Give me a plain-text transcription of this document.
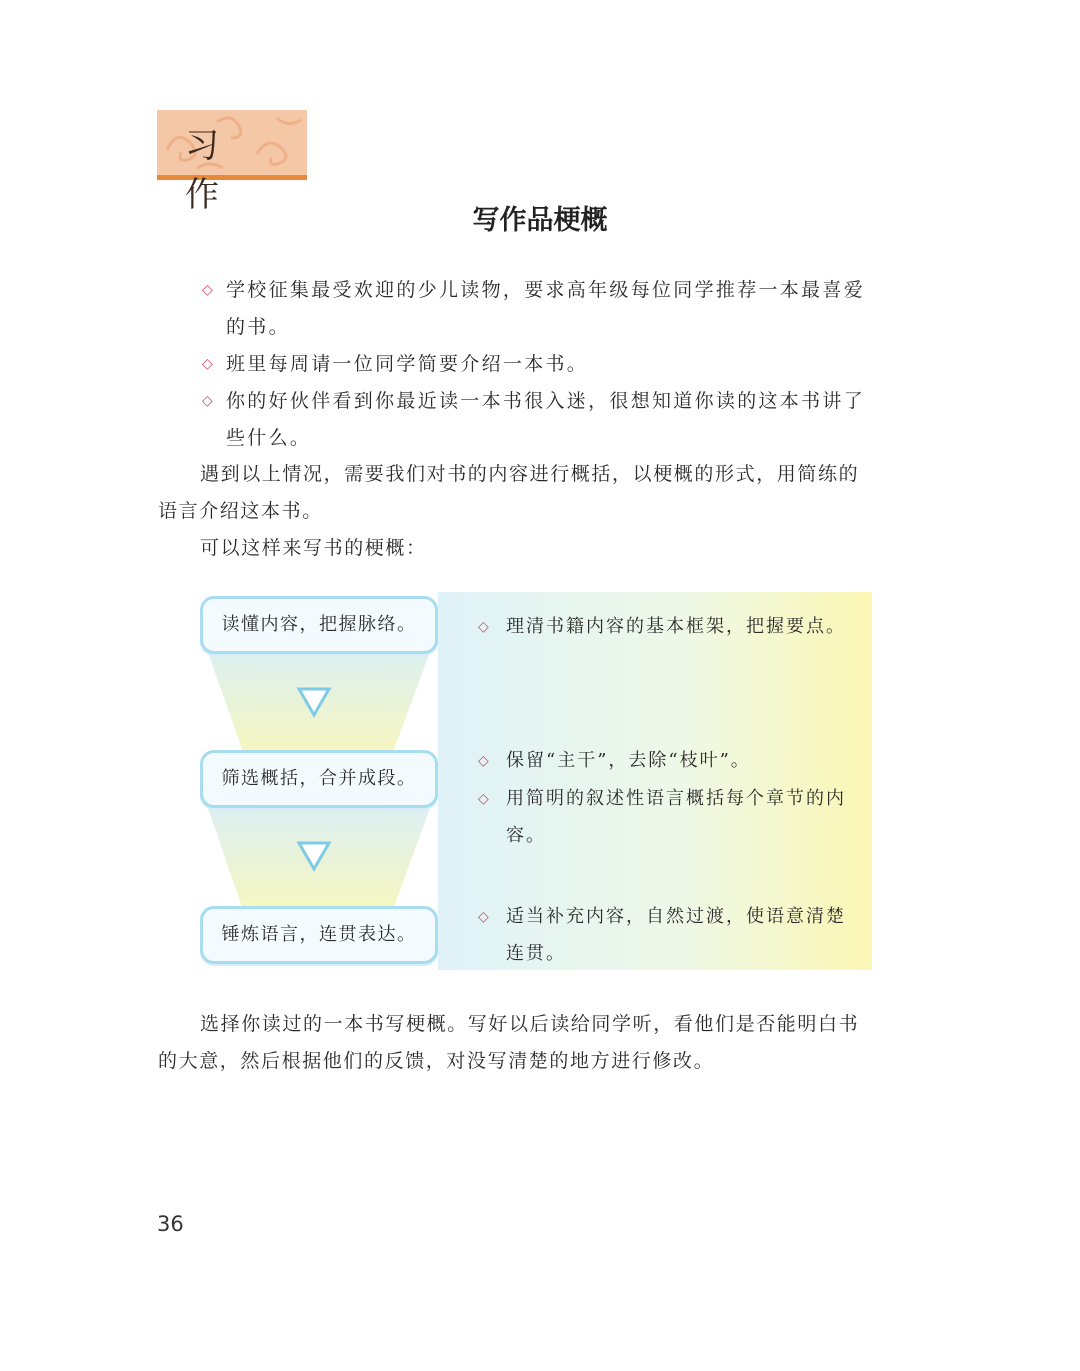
习 作
写作品梗概
◇ 学校征集最受欢迎的少儿读物，要求高年级每位同学推荐一本最喜爱的书。
◇ 班里每周请一位同学简要介绍一本书。
◇ 你的好伙伴看到你最近读一本书很入迷，很想知道你读的这本书讲了些什么。
遇到以上情况，需要我们对书的内容进行概括，以梗概的形式，用简练的语言介绍这本书。
可以这样来写书的梗概：
读懂内容，把握脉络。
筛选概括，合并成段。
锤炼语言，连贯表达。
◇ 理清书籍内容的基本框架，把握要点。
◇ 保留“主干”，去除“枝叶”。
◇ 用简明的叙述性语言概括每个章节的内容。
◇ 适当补充内容，自然过渡，使语意清楚连贯。
选择你读过的一本书写梗概。写好以后读给同学听，看他们是否能明白书的大意，然后根据他们的反馈，对没写清楚的地方进行修改。
36
